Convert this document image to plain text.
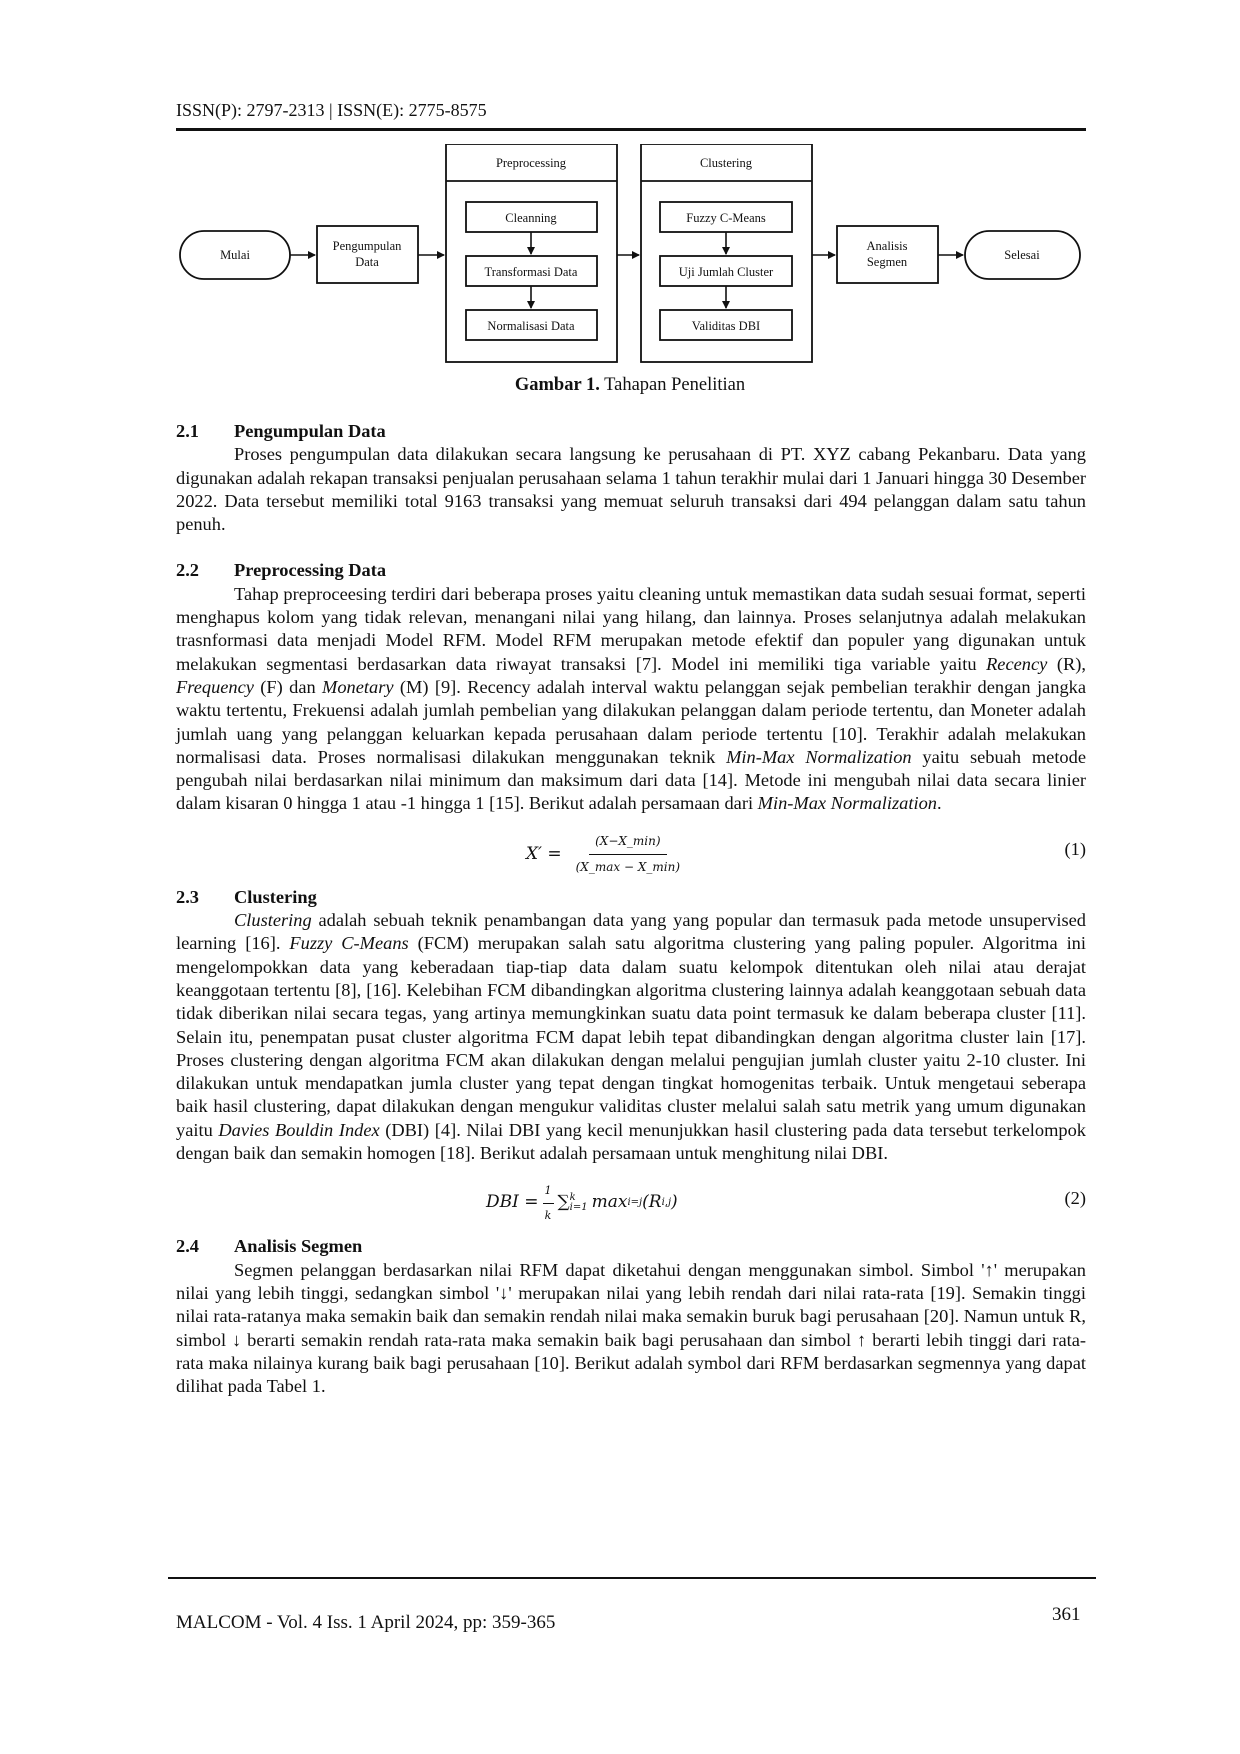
ISSN(P): 2797-2313 | ISSN(E): 2775-8575
Mulai
Pengumpulan
Data
Preprocessing
Cleanning
Transformasi Data
Normalisasi Data
Clustering
Fuzzy C-Means
Uji Jumlah Cluster
Validitas DBI
Analisis
Segmen	Selesai
Gambar 1. Tahapan Penelitian

2.1 Pengumpulan Data

Proses pengumpulan data dilakukan secara langsung ke perusahaan di PT. XYZ cabang Pekanbaru. Data yang digunakan adalah rekapan transaksi penjualan perusahaan selama 1 tahun terakhir mulai dari 1 Januari hingga 30 Desember 2022. Data tersebut memiliki total 9163 transaksi yang memuat seluruh transaksi dari 494 pelanggan dalam satu tahun penuh.

2.2 Preprocessing Data

Tahap preproceesing terdiri dari beberapa proses yaitu cleaning untuk memastikan data sudah sesuai format, seperti menghapus kolom yang tidak relevan, menangani nilai yang hilang, dan lainnya. Proses selanjutnya adalah melakukan trasnformasi data menjadi Model RFM. Model RFM merupakan metode efektif dan populer yang digunakan untuk melakukan segmentasi berdasarkan data riwayat transaksi [7]. Model ini memiliki tiga variable yaitu Recency (R), Frequency (F) dan Monetary (M) [9]. Recency adalah interval waktu pelanggan sejak pembelian terakhir dengan jangka waktu tertentu, Frekuensi adalah jumlah pembelian yang dilakukan pelanggan dalam periode tertentu, dan Moneter adalah jumlah uang yang pelanggan keluarkan kepada perusahaan dalam periode tertentu [10]. Terakhir adalah melakukan normalisasi data. Proses normalisasi dilakukan menggunakan teknik Min-Max Normalization yaitu sebuah metode pengubah nilai berdasarkan nilai minimum dan maksimum dari data [14]. Metode ini mengubah nilai data secara linier dalam kisaran 0 hingga 1 atau -1 hingga 1 [15]. Berikut adalah persamaan dari Min-Max Normalization.

$X' = \frac{(X-X\_\min)}{(X\_\max - X\_\min)}$	(1)

2.3 Clustering

Clustering adalah sebuah teknik penambangan data yang yang popular dan termasuk pada metode unsupervised learning [16]. Fuzzy C-Means (FCM) merupakan salah satu algoritma clustering yang paling populer. Algoritma ini mengelompokkan data yang keberadaan tiap-tiap data dalam suatu kelompok ditentukan oleh nilai atau derajat keanggotaan tertentu [8], [16]. Kelebihan FCM dibandingkan algoritma clustering lainnya adalah keanggotaan sebuah data tidak diberikan nilai secara tegas, yang artinya memungkinkan suatu data point termasuk ke dalam beberapa cluster [11]. Selain itu, penempatan pusat cluster algoritma FCM dapat lebih tepat dibandingkan dengan algoritma cluster lain [17]. Proses clustering dengan algoritma FCM akan dilakukan dengan melalui pengujian jumlah cluster yaitu 2-10 cluster. Ini dilakukan untuk mendapatkan jumla cluster yang tepat dengan tingkat homogenitas terbaik. Untuk mengetaui seberapa baik hasil clustering, dapat dilakukan dengan mengukur validitas cluster melalui salah satu metrik yang umum digunakan yaitu Davies Bouldin Index (DBI) [4]. Nilai DBI yang kecil menunjukkan hasil clustering pada data tersebut terkelompok dengan baik dan semakin homogen [18]. Berikut adalah persamaan untuk menghitung nilai DBI.

DBI = $\frac{1}{k}$ ∑ k
i=1 max i=j (R i,j )	(2)

2.4 Analisis Segmen

Segmen pelanggan berdasarkan nilai RFM dapat diketahui dengan menggunakan simbol. Simbol '↑' merupakan nilai yang lebih tinggi, sedangkan simbol '↓' merupakan nilai yang lebih rendah dari nilai rata-rata [19]. Semakin tinggi nilai rata-ratanya maka semakin baik dan semakin rendah nilai maka semakin buruk bagi perusahaan [20]. Namun untuk R, simbol ↓ berarti semakin rendah rata-rata maka semakin baik bagi perusahaan dan simbol ↑ berarti lebih tinggi dari rata-rata maka nilainya kurang baik bagi perusahaan [10]. Berikut adalah symbol dari RFM berdasarkan segmennya yang dapat dilihat pada Tabel 1.

MALCOM - Vol. 4 Iss. 1 April 2024, pp: 359-365	361
